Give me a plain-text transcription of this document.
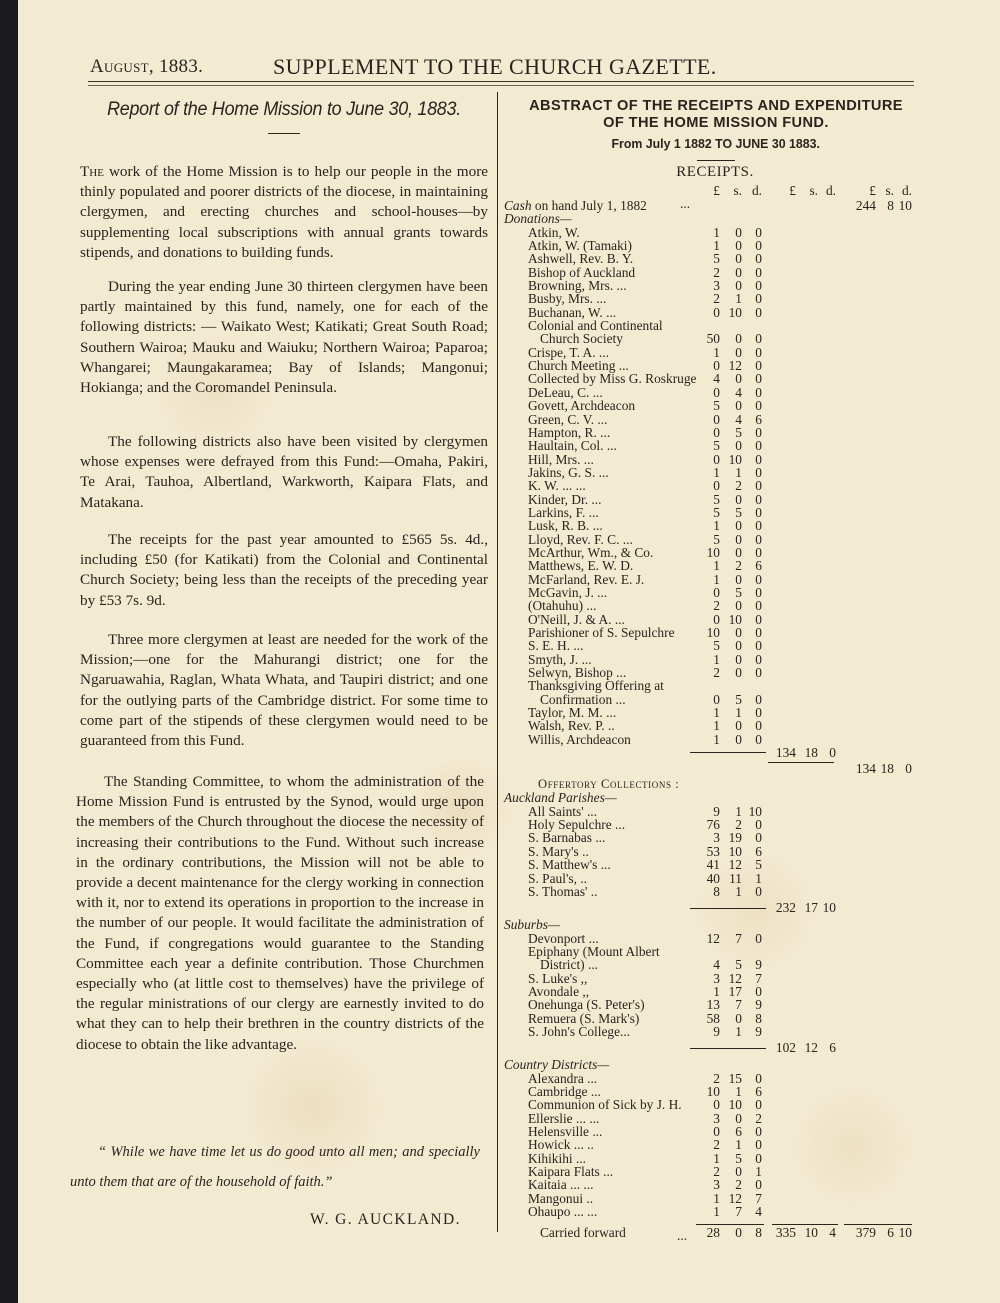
August, 1883.	SUPPLEMENT TO THE CHURCH GAZETTE.
Report of the Home Mission to June 30, 1883.

The work of the Home Mission is to help our people in the more thinly populated and poorer districts of the diocese, in maintaining clergymen, and erecting churches and school-houses—by supplementing local subscriptions with annual grants towards stipends, and donations to building funds.

During the year ending June 30 thirteen clergymen have been partly maintained by this fund, namely, one for each of the following districts: — Waikato West; Katikati; Great South Road; Southern Wairoa; Mauku and Waiuku; Northern Wairoa; Paparoa; Whangarei; Maungakaramea; Bay of Islands; Mangonui; Hokianga; and the Coromandel Peninsula.

The following districts also have been visited by clergymen whose expenses were defrayed from this Fund:—Omaha, Pakiri, Te Arai, Tauhoa, Albertland, Warkworth, Kaipara Flats, and Matakana.

The receipts for the past year amounted to £565 5s. 4d., including £50 (for Katikati) from the Colonial and Continental Church Society; being less than the receipts of the preceding year by £53 7s. 9d.

Three more clergymen at least are needed for the work of the Mission;—one for the Mahurangi district; one for the Ngaruawahia, Raglan, Whata Whata, and Taupiri district; and one for the outlying parts of the Cambridge district. For some time to come part of the stipends of these clergymen would need to be guaranteed from this Fund.

The Standing Committee, to whom the administration of the Home Mission Fund is entrusted by the Synod, would urge upon the members of the Church throughout the diocese the necessity of increasing their contributions to the Fund. Without such increase in the ordinary contributions, the Mission will not be able to provide a decent maintenance for the clergy working in connection with it, nor to extend its operations in proportion to the increase in the number of our people. It would facilitate the administration of the Fund, if congregations would guarantee to the Standing Committee each year a definite contribution. Those Churchmen especially who (at little cost to themselves) have the privilege of the regular ministrations of our clergy are earnestly invited to do what they can to help their brethren in the country districts of the diocese to obtain the like advantage.

“ While we have time let us do good unto all men; and specially unto them that are of the household of faith.”

W. G. AUCKLAND.
ABSTRACT OF THE RECEIPTS AND EXPENDITURE
OF THE HOME MISSION FUND.
From July 1 1882 TO JUNE 30 1883.
RECEIPTS.
£	s. d.	£	s. d.	£ s. d.
Cash on hand July 1, 1882 ...	244 8 10
Donations—
Atkin, W.	1	0 0
Atkin, W. (Tamaki)	1	0 0
Ashwell, Rev. B. Y.	5	0 0
Bishop of Auckland	2	0 0
Browning, Mrs. ...	3	0 0
Busby, Mrs. ...	2	1 0
Buchanan, W. ...	0 10 0
Colonial and Continental
Church Society	50	0 0
Crispe, T. A. ...	1	0 0
Church Meeting ...	0 12 0
Collected by Miss G. Roskruge	4	0 0
DeLeau, C. ...	0	4 0
Govett, Archdeacon	5	0 0
Green, C. V. ...	0	4 6
Hampton, R. ...	0	5 0
Haultain, Col. ...	5	0 0
Hill, Mrs. ...	0 10 0
Jakins, G. S. ...	1	1 0
K. W. ... ...	0	2 0
Kinder, Dr. ...	5	0 0
Larkins, F. ...	5	5 0
Lusk, R. B. ...	1	0 0
Lloyd, Rev. F. C. ...	5	0 0
McArthur, Wm., & Co.	10	0 0
Matthews, E. W. D.	1	2 6
McFarland, Rev. E. J.	1	0 0
McGavin, J. ...	0	5 0
(Otahuhu) ...	2	0 0
O'Neill, J. & A. ...	0 10 0
Parishioner of S. Sepulchre	10	0 0
S. E. H. ...	5	0 0
Smyth, J. ...	1	0 0
Selwyn, Bishop ...	2	0 0
Thanksgiving Offering at
Confirmation ...	0	5 0
Taylor, M. M. ...	1	1 0
Walsh, Rev. P. ..	1	0 0
Willis, Archdeacon	1	0 0
134 18 0
134 18 0
Offertory Collections :
Auckland Parishes—
All Saints' ...	9	1 10
Holy Sepulchre ...	76	2 0
S. Barnabas ...	3 19 0
S. Mary's ..	53 10 6
S. Matthew's ...	41 12 5
S. Paul's, ..	40 11 1
S. Thomas' ..	8	1 0
232 17 10
Suburbs—
Devonport ...	12	7 0
Epiphany (Mount Albert
District) ...	4	5 9
S. Luke's ,,	3 12 7
Avondale ,,	1 17 0
Onehunga (S. Peter's)	13	7 9
Remuera (S. Mark's)	58	0 8
S. John's College...	9	1 9
102 12 6
Country Districts—
Alexandra ...	2 15 0
Cambridge ...	10	1 6
Communion of Sick by J. H.	0 10 0
Ellerslie ... ...	3	0 2
Helensville ...	0	6 0
Howick ... ..	2	1 0
Kihikihi ...	1	5 0
Kaipara Flats ...	2	0 1
Kaitaia ... ...	3	2 0
Mangonui ..	1 12 7
Ohaupo ... ...	1	7 4
Carried forward	...	28	0 8	335 10 4	379 6 10
